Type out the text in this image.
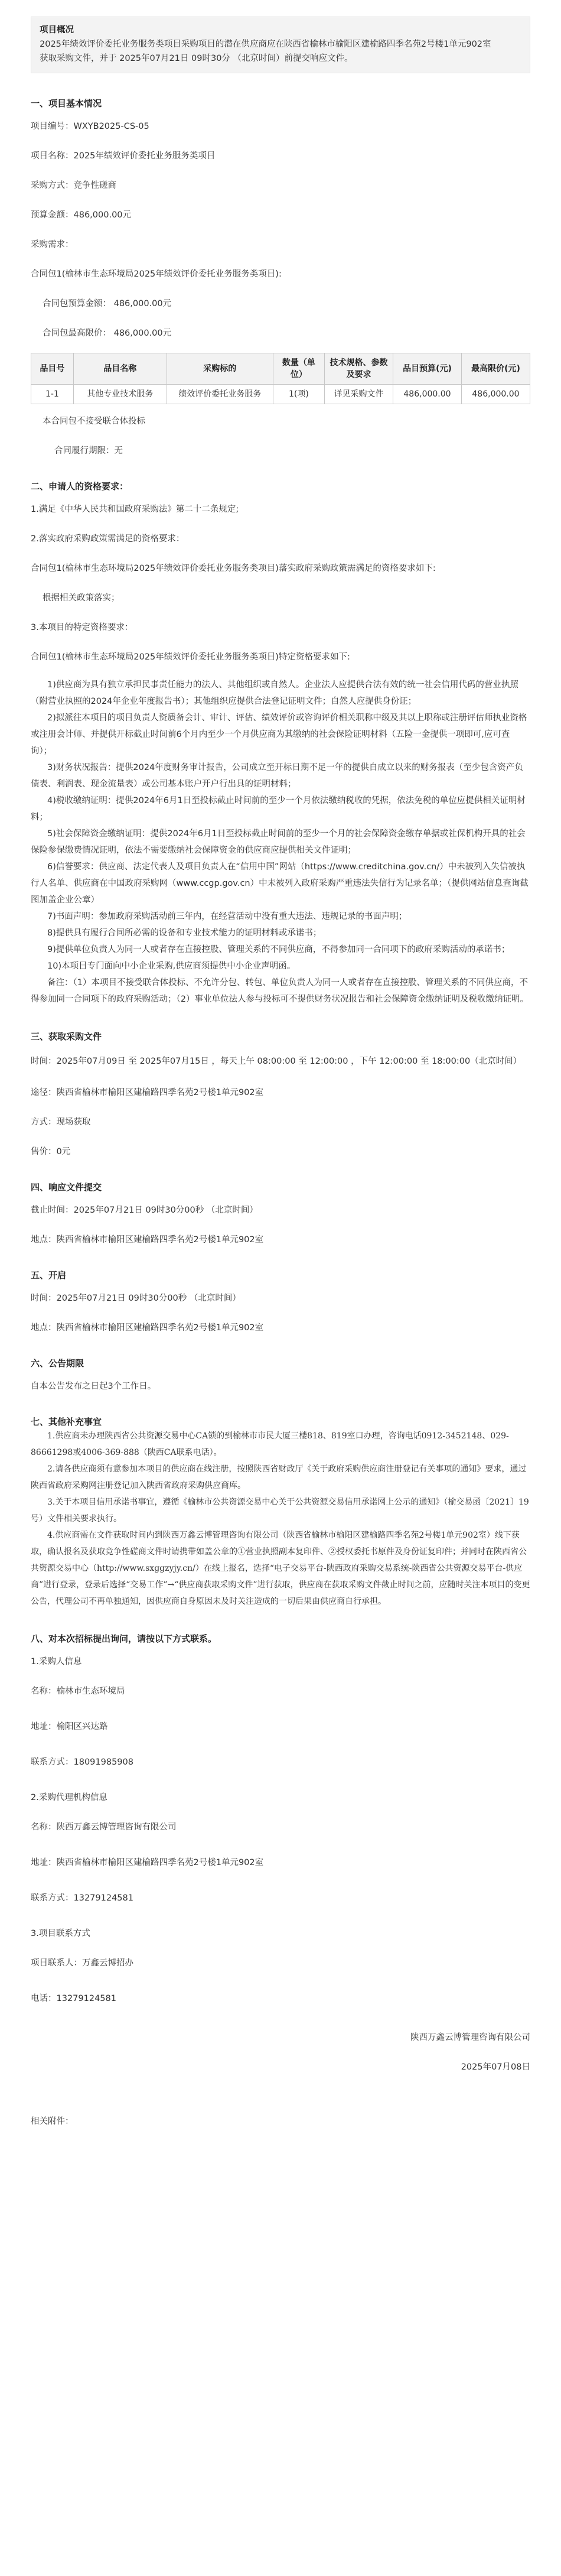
项目概况

2025年绩效评价委托业务服务类项目采购项目的潜在供应商应在陕西省榆林市榆阳区建榆路四季名苑2号楼1单元902室

获取采购文件，并于 2025年07月21日 09时30分 （北京时间）前提交响应文件。

一、项目基本情况

项目编号：WXYB2025-CS-05

项目名称：2025年绩效评价委托业务服务类项目

采购方式：竞争性磋商

预算金额：486,000.00元

采购需求：

合同包1(榆林市生态环境局2025年绩效评价委托业务服务类项目):

合同包预算金额： 486,000.00元

合同包最高限价： 486,000.00元

品目号	品目名称	采购标的	数量（单位）	技术规格、参数及要求	品目预算(元)	最高限价(元)
1-1	其他专业技术服务	绩效评价委托业务服务	1(项)	详见采购文件	486,000.00	486,000.00

本合同包不接受联合体投标

合同履行期限：无

二、申请人的资格要求：

1.满足《中华人民共和国政府采购法》第二十二条规定;

2.落实政府采购政策需满足的资格要求：

合同包1(榆林市生态环境局2025年绩效评价委托业务服务类项目)落实政府采购政策需满足的资格要求如下:

根据相关政策落实；

3.本项目的特定资格要求：

合同包1(榆林市生态环境局2025年绩效评价委托业务服务类项目)特定资格要求如下:

1)供应商为具有独立承担民事责任能力的法人、其他组织或自然人。企业法人应提供合法有效的统一社会信用代码的营业执照（附营业执照的2024年企业年度报告书）；其他组织应提供合法登记证明文件；自然人应提供身份证；

2)拟派往本项目的项目负责人资质备会计、审计、评估、绩效评价或咨询评价相关职称中级及其以上职称或注册评估师执业资格或注册会计师、并提供开标截止时间前6个月内至少一个月供应商为其缴纳的社会保险证明材料（五险一金提供一项即可,应可查询）；

3)财务状况报告：提供2024年度财务审计报告，公司成立至开标日期不足一年的提供自成立以来的财务报表（至少包含资产负债表、利润表、现金流量表）或公司基本账户开户行出具的证明材料；

4)税收缴纳证明：提供2024年6月1日至投标截止时间前的至少一个月依法缴纳税收的凭据，依法免税的单位应提供相关证明材料；

5)社会保障资金缴纳证明：提供2024年6月1日至投标截止时间前的至少一个月的社会保障资金缴存单据或社保机构开具的社会保险参保缴费情况证明，依法不需要缴纳社会保障资金的供应商应提供相关文件证明；

6)信誉要求：供应商、法定代表人及项目负责人在“信用中国”网站（https://www.creditchina.gov.cn/）中未被列入失信被执行人名单、供应商在中国政府采购网（www.ccgp.gov.cn）中未被列入政府采购严重违法失信行为记录名单；（提供网站信息查询截图加盖企业公章）

7)书面声明：参加政府采购活动前三年内，在经营活动中没有重大违法、违规记录的书面声明；

8)提供具有履行合同所必需的设备和专业技术能力的证明材料或承诺书；

9)提供单位负责人为同一人或者存在直接控股、管理关系的不同供应商，不得参加同一合同项下的政府采购活动的承诺书；

10)本项目专门面向中小企业采购,供应商须提供中小企业声明函。

备注：（1）本项目不接受联合体投标、不允许分包、转包、单位负责人为同一人或者存在直接控股、管理关系的不同供应商，不得参加同一合同项下的政府采购活动；（2）事业单位法人参与投标可不提供财务状况报告和社会保障资金缴纳证明及税收缴纳证明。

三、获取采购文件

时间：2025年07月09日 至 2025年07月15日 ，每天上午 08:00:00 至 12:00:00 ，下午 12:00:00 至 18:00:00（北京时间）

途径：陕西省榆林市榆阳区建榆路四季名苑2号楼1单元902室

方式：现场获取

售价：0元

四、响应文件提交

截止时间：2025年07月21日 09时30分00秒 （北京时间）

地点：陕西省榆林市榆阳区建榆路四季名苑2号楼1单元902室

五、开启

时间：2025年07月21日 09时30分00秒 （北京时间）

地点：陕西省榆林市榆阳区建榆路四季名苑2号楼1单元902室

六、公告期限

自本公告发布之日起3个工作日。

七、其他补充事宜

1.供应商未办理陕西省公共资源交易中心CA锁的到榆林市市民大厦三楼818、819室口办理，咨询电话0912-3452148、029-86661298或4006-369-888（陕西CA联系电话）。

2.请各供应商须有意参加本项目的供应商在线注册，按照陕西省财政厅《关于政府采购供应商注册登记有关事项的通知》要求，通过陕西省政府采购网注册登记加入陕西省政府采购供应商库。

3.关于本项目信用承诺书事宜，遵循《榆林市公共资源交易中心关于公共资源交易信用承诺网上公示的通知》（榆交易函〔2021〕19号）文件相关要求执行。

4.供应商需在文件获取时间内到陕西万鑫云博管理咨询有限公司（陕西省榆林市榆阳区建榆路四季名苑2号楼1单元902室）线下获取，确认报名及获取竞争性磋商文件时请携带如盖公章的①营业执照副本复印件、②授权委托书原件及身份证复印件；并同时在陕西省公共资源交易中心（http://www.sxggzyjy.cn/）在线上报名，选择“电子交易平台-陕西政府采购交易系统-陕西省公共资源交易平台-供应商”进行登录，登录后选择“交易工作”→“供应商获取采购文件”进行获取，供应商在获取采购文件截止时间之前，应随时关注本项目的变更公告，代理公司不再单独通知，因供应商自身原因未及时关注造成的一切后果由供应商自行承担。

八、对本次招标提出询问，请按以下方式联系。

1.采购人信息

名称：榆林市生态环境局

地址：榆阳区兴达路

联系方式：18091985908

2.采购代理机构信息

名称：陕西万鑫云博管理咨询有限公司

地址：陕西省榆林市榆阳区建榆路四季名苑2号楼1单元902室

联系方式：13279124581

3.项目联系方式

项目联系人：万鑫云博招办

电话：13279124581

陕西万鑫云博管理咨询有限公司

2025年07月08日

相关附件：
